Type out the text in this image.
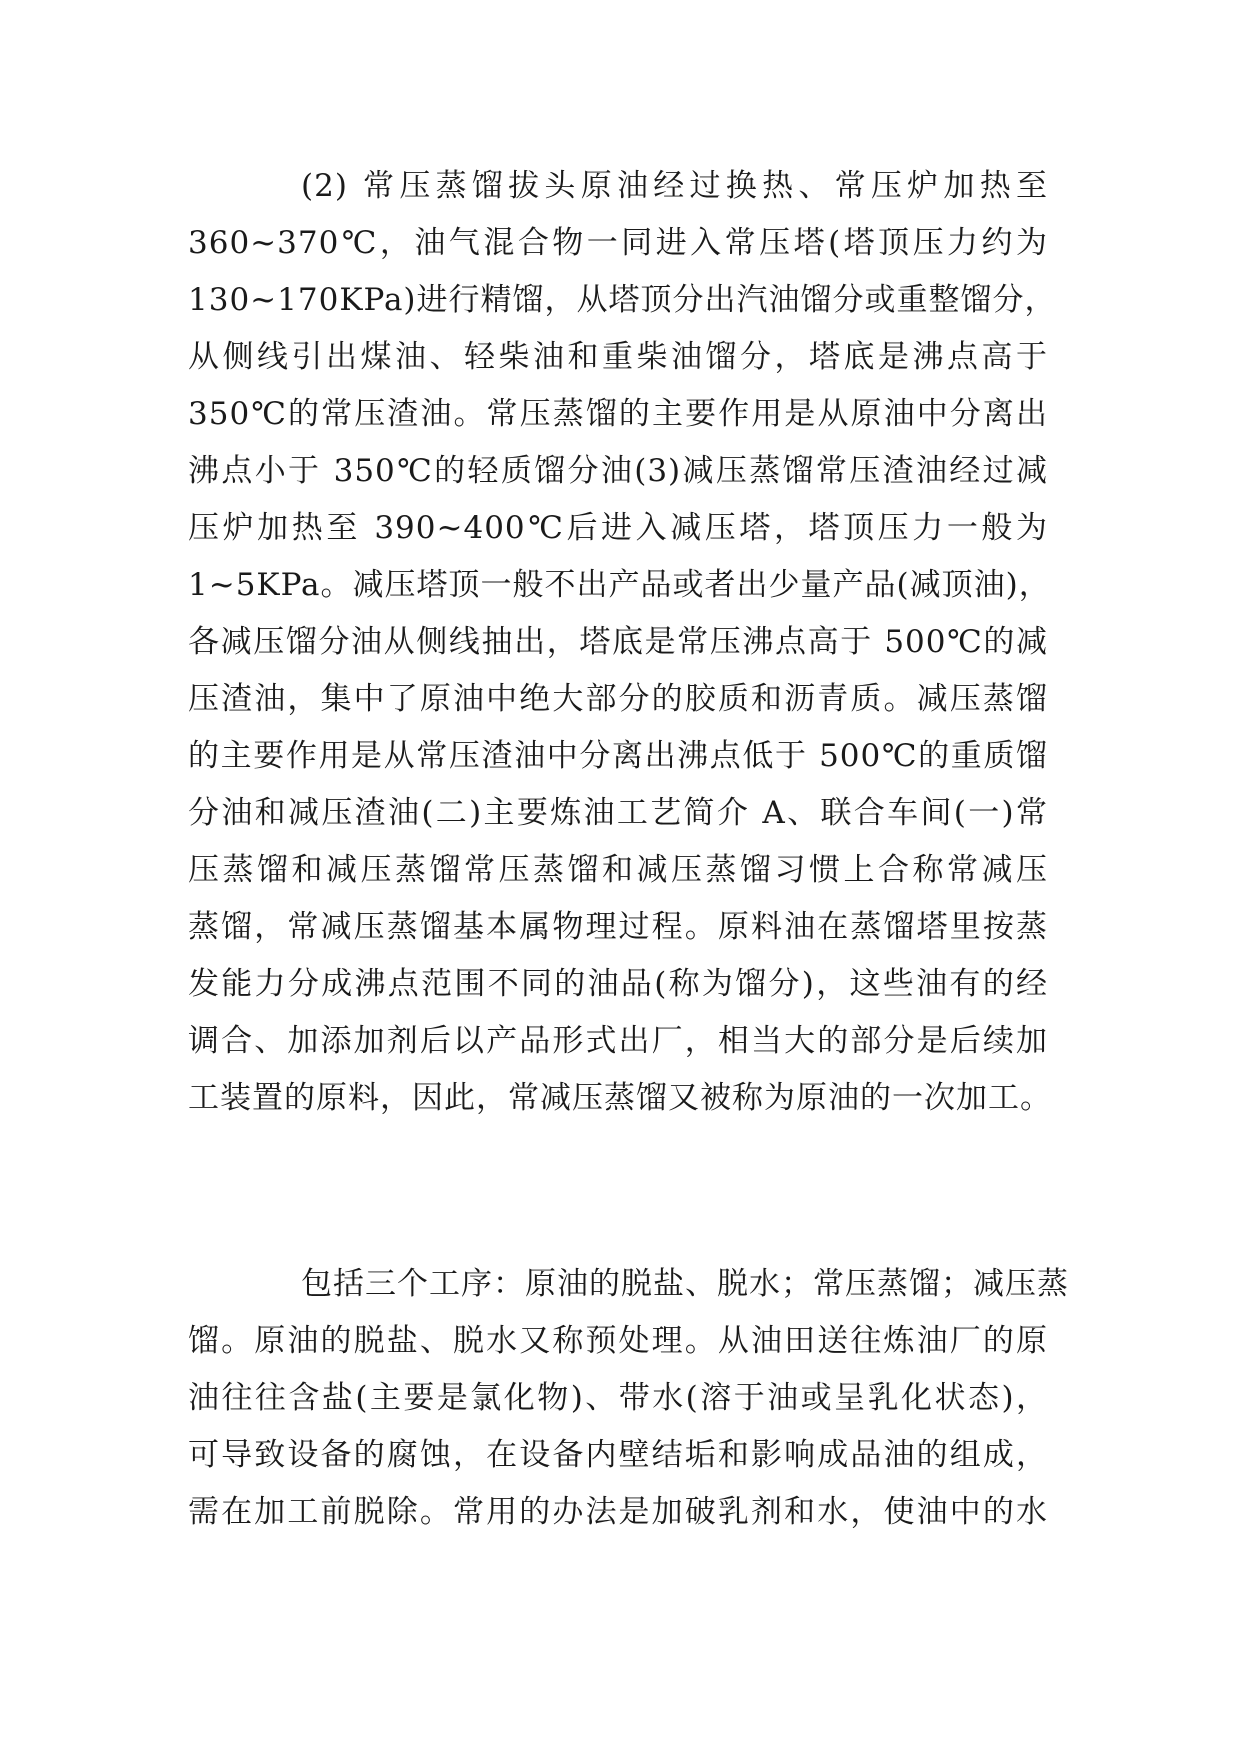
(2) 常压蒸馏拔头原油经过换热、常压炉加热至
360~370℃，油气混合物一同进入常压塔(塔顶压力约为
130~170KPa)进行精馏，从塔顶分出汽油馏分或重整馏分，
从侧线引出煤油、轻柴油和重柴油馏分，塔底是沸点高于
350℃的常压渣油。常压蒸馏的主要作用是从原油中分离出
沸点小于 350℃的轻质馏分油(3)减压蒸馏常压渣油经过减
压炉加热至 390~400℃后进入减压塔，塔顶压力一般为
1~5KPa。减压塔顶一般不出产品或者出少量产品(减顶油)，
各减压馏分油从侧线抽出，塔底是常压沸点高于 500℃的减
压渣油，集中了原油中绝大部分的胶质和沥青质。减压蒸馏
的主要作用是从常压渣油中分离出沸点低于 500℃的重质馏
分油和减压渣油(二)主要炼油工艺简介 A、联合车间(一)常
压蒸馏和减压蒸馏常压蒸馏和减压蒸馏习惯上合称常减压
蒸馏，常减压蒸馏基本属物理过程。原料油在蒸馏塔里按蒸
发能力分成沸点范围不同的油品(称为馏分)，这些油有的经
调合、加添加剂后以产品形式出厂，相当大的部分是后续加
工装置的原料，因此，常减压蒸馏又被称为原油的一次加工。
包括三个工序：原油的脱盐、脱水；常压蒸馏；减压蒸
馏。原油的脱盐、脱水又称预处理。从油田送往炼油厂的原
油往往含盐(主要是氯化物)、带水(溶于油或呈乳化状态)，
可导致设备的腐蚀，在设备内壁结垢和影响成品油的组成，
需在加工前脱除。常用的办法是加破乳剂和水，使油中的水
